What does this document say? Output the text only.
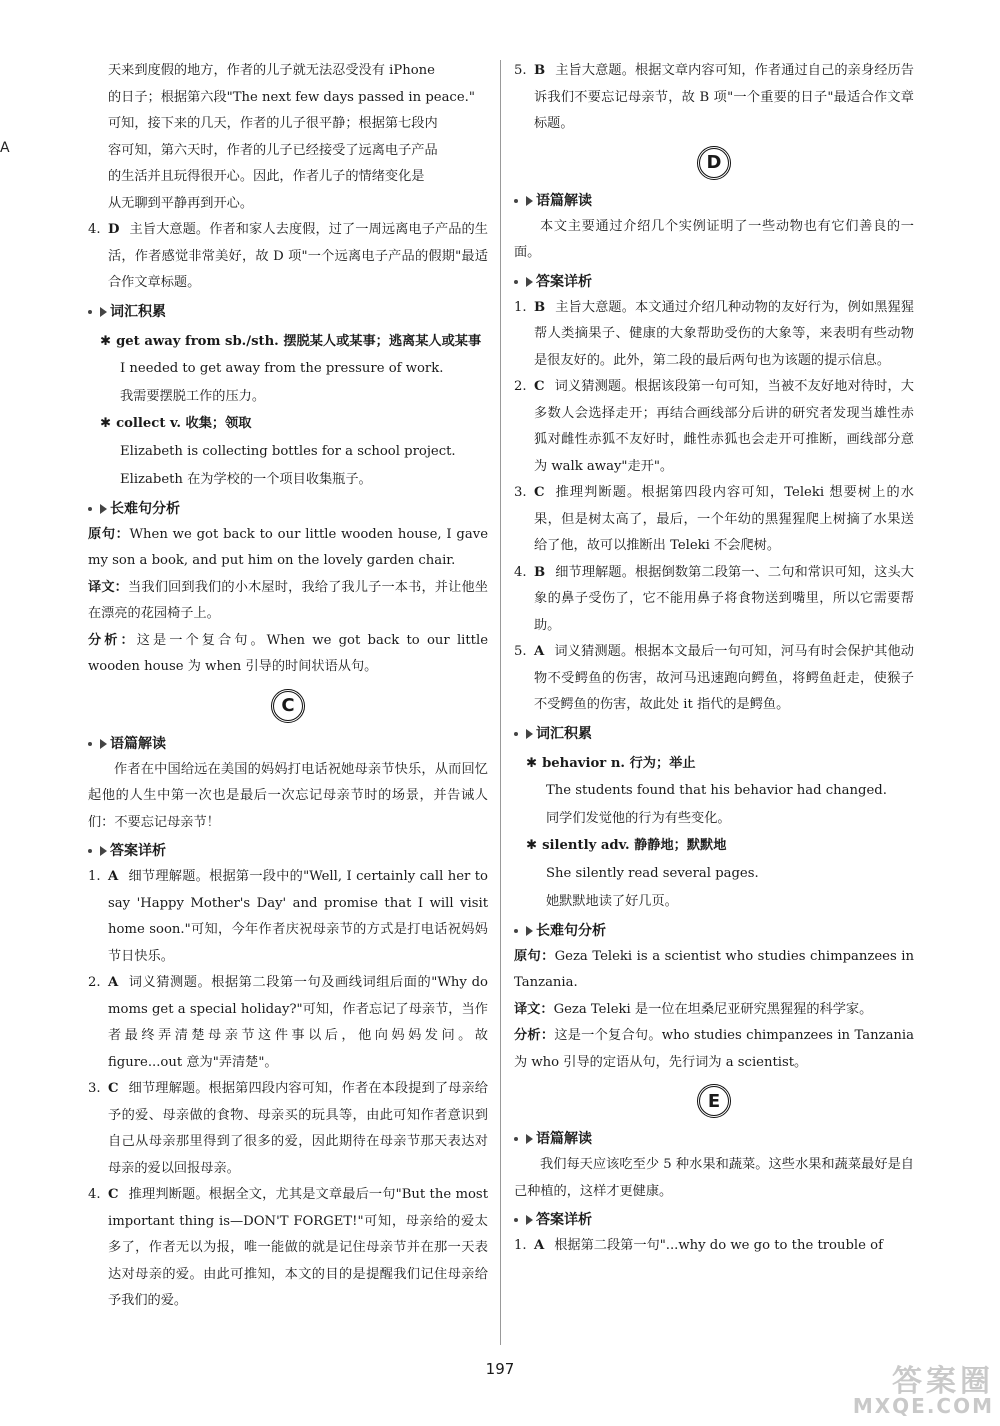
A

天来到度假的地方，作者的儿子就无法忍受没有 iPhone

的日子；根据第六段"The next few days passed in peace."

可知，接下来的几天，作者的儿子很平静；根据第七段内

容可知，第六天时，作者的儿子已经接受了远离电子产品

的生活并且玩得很开心。因此，作者儿子的情绪变化是

从无聊到平静再到开心。

4. D 主旨大意题。作者和家人去度假，过了一周远离电子产品的生活，作者感觉非常美好，故 D 项"一个远离电子产品的假期"最适合作文章标题。
词汇积累
✱ get away from sb./sth. 摆脱某人或某事；逃离某人或某事

I needed to get away from the pressure of work.

我需要摆脱工作的压力。

✱ collect v. 收集；领取

Elizabeth is collecting bottles for a school project.

Elizabeth 在为学校的一个项目收集瓶子。

长难句分析

原句：When we got back to our little wooden house, I gave my son a book, and put him on the lovely garden chair.

译文：当我们回到我们的小木屋时，我给了我儿子一本书，并让他坐在漂亮的花园椅子上。

分析：这是一个复合句。When we got back to our little wooden house 为 when 引导的时间状语从句。

C
语篇解读

作者在中国给远在美国的妈妈打电话祝她母亲节快乐，从而回忆起他的人生中第一次也是最后一次忘记母亲节时的场景，并告诫人们：不要忘记母亲节！

答案详析
1. A 细节理解题。根据第一段中的"Well, I certainly call her to say 'Happy Mother's Day' and promise that I will visit home soon."可知，今年作者庆祝母亲节的方式是打电话祝妈妈节日快乐。
2. A 词义猜测题。根据第二段第一句及画线词组后面的"Why do moms get a special holiday?"可知，作者忘记了母亲节，当作者最终弄清楚母亲节这件事以后，他向妈妈发问。故 figure...out 意为"弄清楚"。
3. C 细节理解题。根据第四段内容可知，作者在本段提到了母亲给予的爱、母亲做的食物、母亲买的玩具等，由此可知作者意识到自己从母亲那里得到了很多的爱，因此期待在母亲节那天表达对母亲的爱以回报母亲。
4. C 推理判断题。根据全文，尤其是文章最后一句"But the most important thing is—DON'T FORGET!"可知，母亲给的爱太多了，作者无以为报，唯一能做的就是记住母亲节并在那一天表达对母亲的爱。由此可推知，本文的目的是提醒我们记住母亲给予我们的爱。
5. B 主旨大意题。根据文章内容可知，作者通过自己的亲身经历告诉我们不要忘记母亲节，故 B 项"一个重要的日子"最适合作文章标题。
D
语篇解读

本文主要通过介绍几个实例证明了一些动物也有它们善良的一面。

答案详析
1. B 主旨大意题。本文通过介绍几种动物的友好行为，例如黑猩猩帮人类摘果子、健康的大象帮助受伤的大象等，来表明有些动物是很友好的。此外，第二段的最后两句也为该题的提示信息。
2. C 词义猜测题。根据该段第一句可知，当被不友好地对待时，大多数人会选择走开；再结合画线部分后讲的研究者发现当雄性赤狐对雌性赤狐不友好时，雌性赤狐也会走开可推断，画线部分意为 walk away"走开"。
3. C 推理判断题。根据第四段内容可知，Teleki 想要树上的水果，但是树太高了，最后，一个年幼的黑猩猩爬上树摘了水果送给了他，故可以推断出 Teleki 不会爬树。
4. B 细节理解题。根据倒数第二段第一、二句和常识可知，这头大象的鼻子受伤了，它不能用鼻子将食物送到嘴里，所以它需要帮助。
5. A 词义猜测题。根据本文最后一句可知，河马有时会保护其他动物不受鳄鱼的伤害，故河马迅速跑向鳄鱼，将鳄鱼赶走，使猴子不受鳄鱼的伤害，故此处 it 指代的是鳄鱼。
词汇积累
✱ behavior n. 行为；举止

The students found that his behavior had changed.

同学们发觉他的行为有些变化。

✱ silently adv. 静静地；默默地

She silently read several pages.

她默默地读了好几页。

长难句分析

原句：Geza Teleki is a scientist who studies chimpanzees in Tanzania.

译文：Geza Teleki 是一位在坦桑尼亚研究黑猩猩的科学家。

分析：这是一个复合句。who studies chimpanzees in Tanzania 为 who 引导的定语从句，先行词为 a scientist。

E
语篇解读

我们每天应该吃至少 5 种水果和蔬菜。这些水果和蔬菜最好是自己种植的，这样才更健康。

答案详析
1. A 根据第二段第一句"...why do we go to the trouble of
197	答案圈
MXQE.COM
